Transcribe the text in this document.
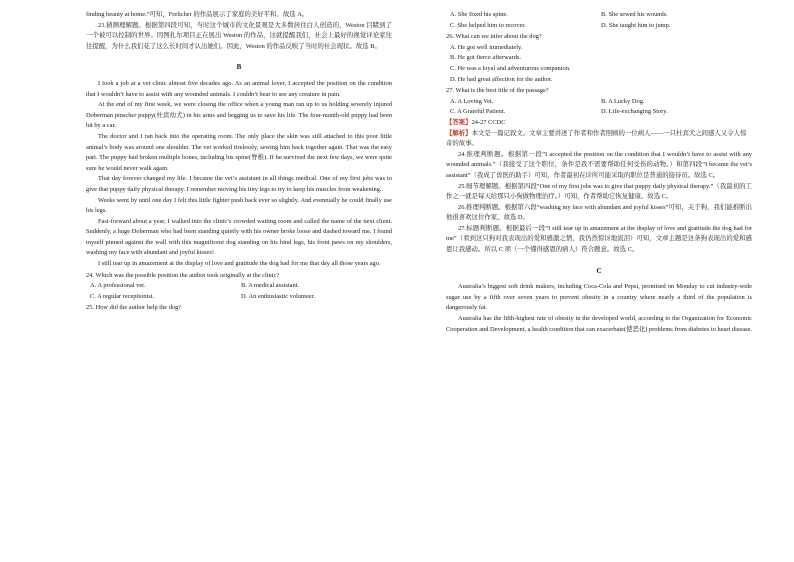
finding beauty at home.”可知，Frelicher 的作品展示了家庭的美好平和。故选 A。

23.猜测理解题。根据第四段可知，当时这个城市的文化景观是大多数居住白人创造的，Weston 目睹到了一个被可以控制的世界。因图扎尔项目正在展出 Weston 的作品，这就提醒我们，社会上最好的视觉评论家往往提醒，为什么我们花了这么长时间才认出她们。因此，Weston 的作品反映了当时的社会现状。故选 B。

B

I took a job at a vet clinic almost five decades ago. As an animal lover, I accepted the position on the condition that I wouldn’t have to assist with any wounded animals. I couldn’t bear to see any creature in pain.

At the end of my first week, we were closing the office when a young man ran up to us holding severely injured Doberman pinscher puppy(杜宾幼犬) in his arms and begging us to save his life. The four-month-old puppy had been hit by a car.

The doctor and I ran back into the operating room. The only place the skin was still attached to this poor little animal’s body was around one shoulder. The vet worked tirelessly, sewing him back together again. That was the easy part. The puppy had broken multiple bones, including his spine(脊椎). If he survived the next few days, we were quite sure he would never walk again.

That day forever changed my life. I became the vet’s assistant in all things medical. One of my first jobs was to give that puppy daily physical therapy. I remember moving his tiny legs to try to keep his muscles from weakening.

Weeks went by until one day I felt this little fighter push back ever so slightly. And eventually he could finally use his legs.

Fast-forward about a year, I walked into the clinic’s crowded waiting room and called the name of the next client. Suddenly, a huge Doberman who had been standing quietly with his owner broke loose and dashed toward me. I found myself pinned against the wall with this magnificent dog standing on his hind legs, his front paws on my shoulders, washing my face with abundant and joyful kisses!

I still tear up in amazement at the display of love and gratitude the dog had for me that day all those years ago.

24. Which was the possible position the author took originally at the clinic?

A. A professional vet.	B. A medical assistant.
C. A regular receptionist.	D. An enthusiastic volunteer.

25. How did the author help the dog?

A. She fixed his spine.	B. She sewed his wounds.
C. She helped him to recover.	D. She taught him to jump.

26. What can we infer about the dog?

A. He got well immediately.
B. He got fierce afterwards.
C. He was a loyal and adventurous companion.
D. He had great affection for the author.

27. What is the best title of the passage?

A. A Loving Vet.	B. A Lucky Dog.
C. A Grateful Patient.	D. Life-exchanging Story.

【答案】24-27 CCDC

【解析】本文是一篇记叙文。文章主要讲述了作者和作者照顾的一位病人——一只杜宾犬之间感人又令人惊奇的故事。

24.推理判断题。根据第一段“I accepted the position on the condition that I wouldn’t have to assist with any wounded animals.”（我接受了这个职位，条件是我不需要帮助任何受伤的动物。）和第四段“I became the vet’s assistant”（我成了兽医的助手）可知，作者最初在诊所可能采取的职位是普通的接待员。故选 C。

25.细节理解题。根据第四段“One of my first jobs was to give that puppy daily physical therapy.”（我最初的工作之一就是每天给那只小狗做物理治疗。）可知，作者帮助它恢复健康。故选 C。

26.推理判断题。根据第六段“washing my face with abundant and joyful kisses”可知，关于狗，我们能推断出他很喜欢这位作家。故选 D。

27.标题判断题。根据最后一段“I still tear up in amazement at the display of love and gratitude the dog had for me”（看到这只狗对我表现出的爱和感激之情，我仍然惊讶地流泪）可知，文章主题是这条狗表现出的爱和感恩让我感动。所以 C 项（一个懂得感恩的病人）符合题意。故选 C。

C

Australia’s biggest soft drink makers, including Coca-Cola and Pepsi, promised on Monday to cut industry-wide sugar use by a fifth over seven years to prevent obesity in a country where nearly a third of the population is dangerously fat.

Australia has the fifth-highest rate of obesity in the developed world, according to the Organization for Economic Cooperation and Development, a health condition that can exacerbate(使恶化) problems from diabetes to heart disease.
